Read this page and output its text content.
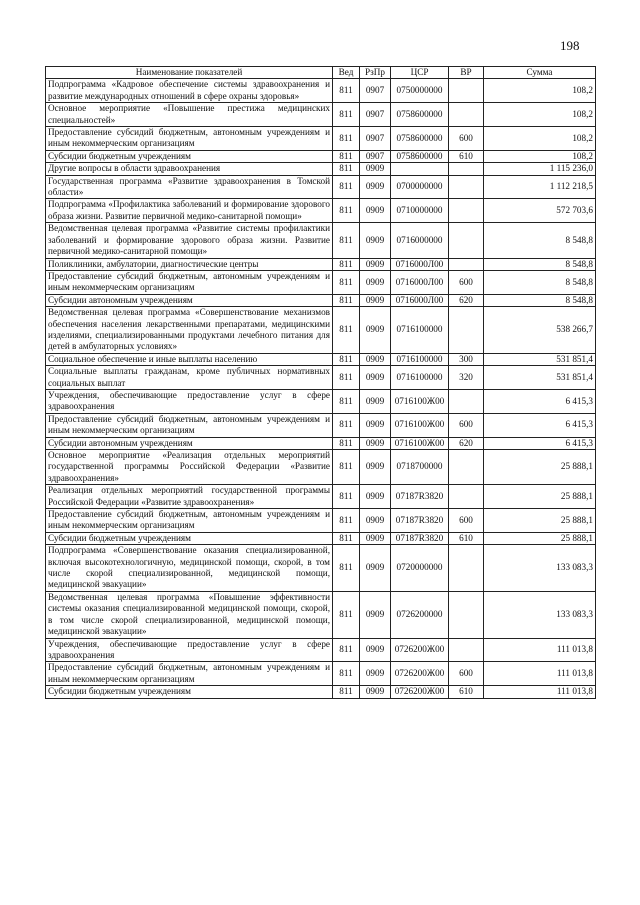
198
Наименование показателей	Вед	РзПр	ЦСР	ВР	Сумма
Подпрограмма «Кадровое обеспечение системы здравоохранения и развитие международных отношений в сфере охраны здоровья»	811	0907	0750000000		108,2
Основное мероприятие «Повышение престижа медицинских специальностей»	811	0907	0758600000		108,2
Предоставление субсидий бюджетным, автономным учреждениям и иным некоммерческим организациям	811	0907	0758600000	600	108,2
Субсидии бюджетным учреждениям	811	0907	0758600000	610	108,2
Другие вопросы в области здравоохранения	811	0909			1 115 236,0
Государственная программа «Развитие здравоохранения в Томской области»	811	0909	0700000000		1 112 218,5
Подпрограмма «Профилактика заболеваний и формирование здорового образа жизни. Развитие первичной медико-санитарной помощи»	811	0909	0710000000		572 703,6
Ведомственная целевая программа «Развитие системы профилактики заболеваний и формирование здорового образа жизни. Развитие первичной медико-санитарной помощи»	811	0909	0716000000		8 548,8
Поликлиники, амбулатории, диагностические центры	811	0909	0716000Л00		8 548,8
Предоставление субсидий бюджетным, автономным учреждениям и иным некоммерческим организациям	811	0909	0716000Л00	600	8 548,8
Субсидии автономным учреждениям	811	0909	0716000Л00	620	8 548,8
Ведомственная целевая программа «Совершенствование механизмов обеспечения населения лекарственными препаратами, медицинскими изделиями, специализированными продуктами лечебного питания для детей в амбулаторных условиях»	811	0909	0716100000		538 266,7
Социальное обеспечение и иные выплаты населению	811	0909	0716100000	300	531 851,4
Социальные выплаты гражданам, кроме публичных нормативных социальных выплат	811	0909	0716100000	320	531 851,4
Учреждения, обеспечивающие предоставление услуг в сфере здравоохранения	811	0909	0716100Ж00		6 415,3
Предоставление субсидий бюджетным, автономным учреждениям и иным некоммерческим организациям	811	0909	0716100Ж00	600	6 415,3
Субсидии автономным учреждениям	811	0909	0716100Ж00	620	6 415,3
Основное мероприятие «Реализация отдельных мероприятий государственной программы Российской Федерации «Развитие здравоохранения»	811	0909	0718700000		25 888,1
Реализация отдельных мероприятий государственной программы Российской Федерации «Развитие здравоохранения»	811	0909	07187R3820		25 888,1
Предоставление субсидий бюджетным, автономным учреждениям и иным некоммерческим организациям	811	0909	07187R3820	600	25 888,1
Субсидии бюджетным учреждениям	811	0909	07187R3820	610	25 888,1
Подпрограмма «Совершенствование оказания специализированной, включая высокотехнологичную, медицинской помощи, скорой, в том числе скорой специализированной, медицинской помощи, медицинской эвакуации»	811	0909	0720000000		133 083,3
Ведомственная целевая программа «Повышение эффективности системы оказания специализированной медицинской помощи, скорой, в том числе скорой специализированной, медицинской помощи, медицинской эвакуации»	811	0909	0726200000		133 083,3
Учреждения, обеспечивающие предоставление услуг в сфере здравоохранения	811	0909	0726200Ж00		111 013,8
Предоставление субсидий бюджетным, автономным учреждениям и иным некоммерческим организациям	811	0909	0726200Ж00	600	111 013,8
Субсидии бюджетным учреждениям	811	0909	0726200Ж00	610	111 013,8
